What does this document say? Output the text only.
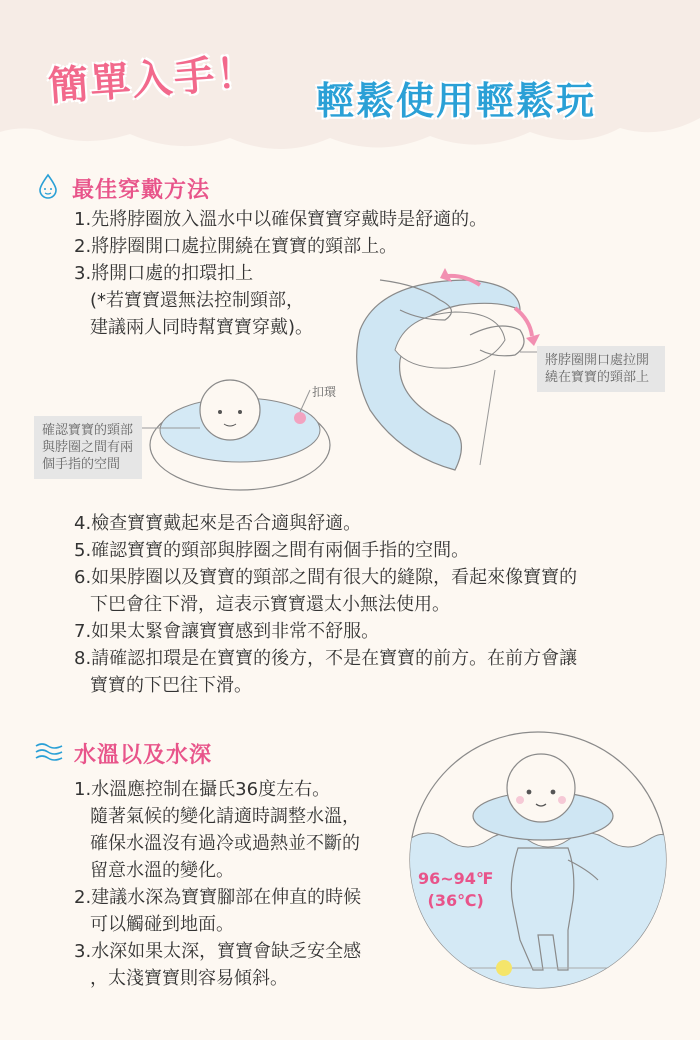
簡單入手！ 輕鬆使用輕鬆玩
最佳穿戴方法
1.先將脖圈放入溫水中以確保寶寶穿戴時是舒適的。
2.將脖圈開口處拉開繞在寶寶的頸部上。
3.將開口處的扣環扣上
(*若寶寶還無法控制頸部，
建議兩人同時幫寶寶穿戴)。
扣環
將脖圈開口處拉開繞在寶寶的頸部上
確認寶寶的頸部與脖圈之間有兩個手指的空間
4.檢查寶寶戴起來是否合適與舒適。
5.確認寶寶的頸部與脖圈之間有兩個手指的空間。
6.如果脖圈以及寶寶的頸部之間有很大的縫隙，看起來像寶寶的
下巴會往下滑，這表示寶寶還太小無法使用。
7.如果太緊會讓寶寶感到非常不舒服。
8.請確認扣環是在寶寶的後方，不是在寶寶的前方。在前方會讓
寶寶的下巴往下滑。
水溫以及水深
1.水溫應控制在攝氏36度左右。
隨著氣候的變化請適時調整水溫，
確保水溫沒有過冷或過熱並不斷的
留意水溫的變化。
2.建議水深為寶寶腳部在伸直的時候
可以觸碰到地面。
3.水深如果太深，寶寶會缺乏安全感
，太淺寶寶則容易傾斜。
96~94℉
(36℃)
